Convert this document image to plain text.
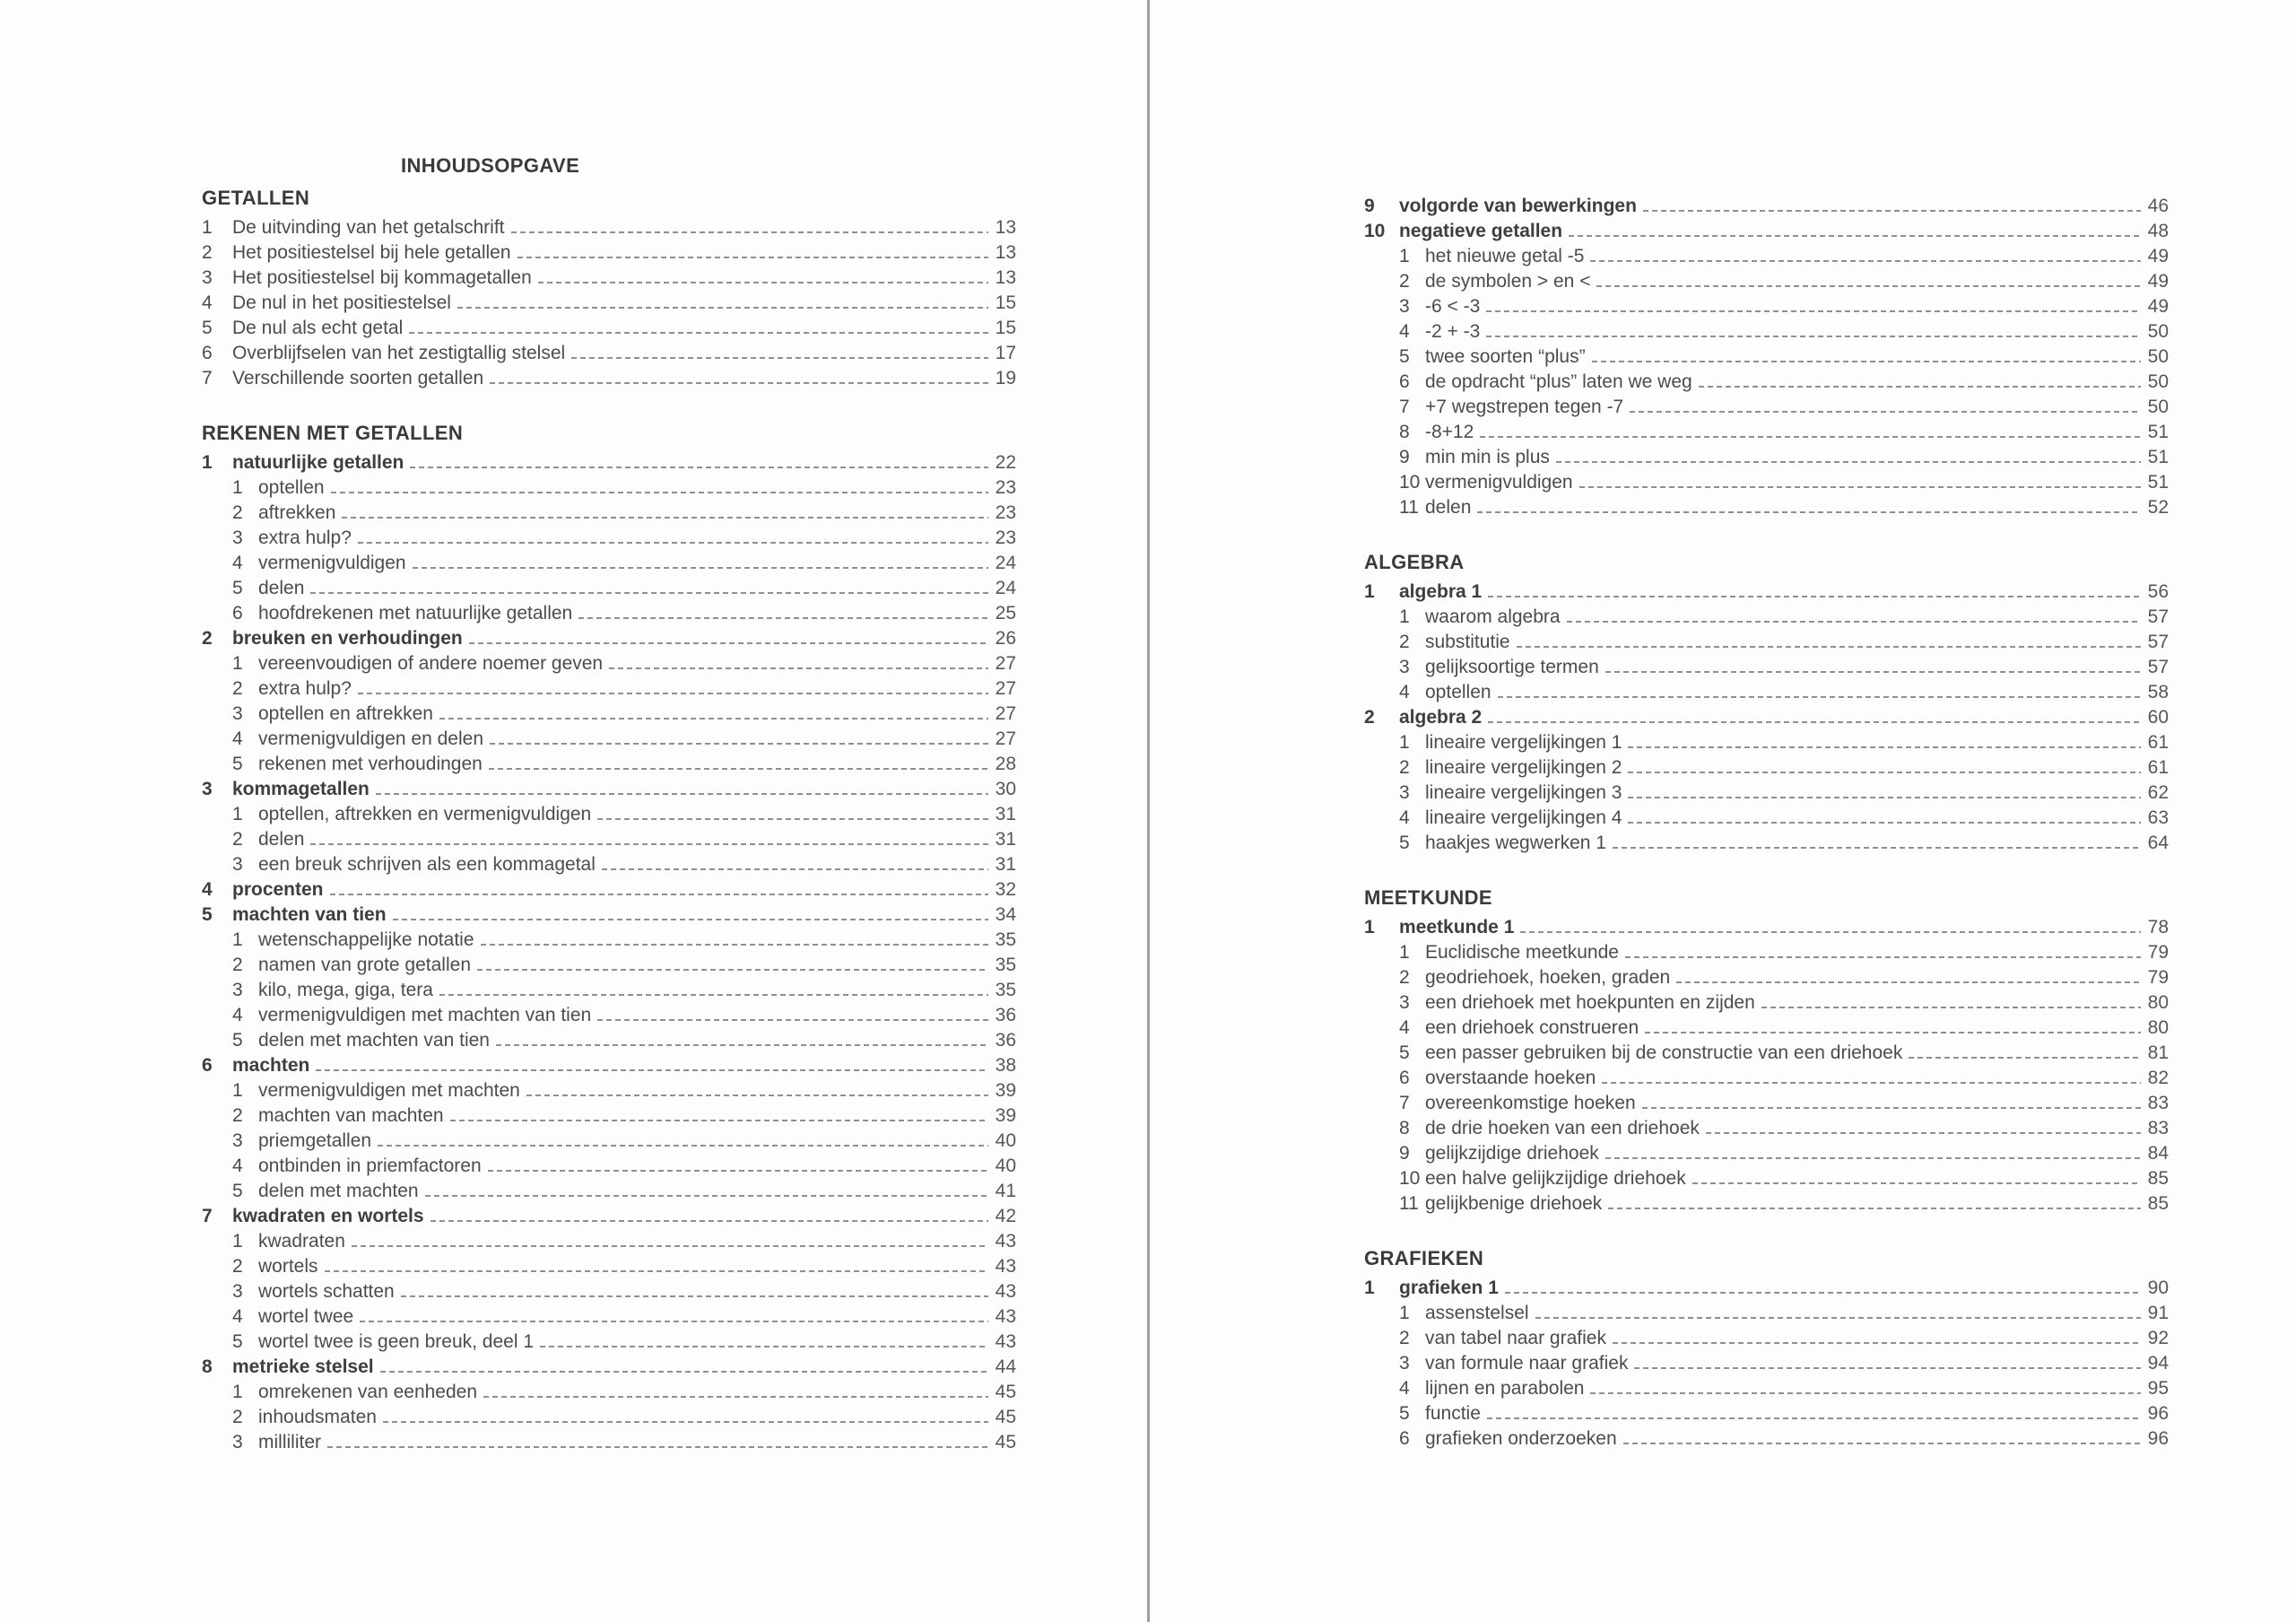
INHOUDSOPGAVE
GETALLEN
1	De uitvinding van het getalschrift	13
2	Het positiestelsel bij hele getallen	13
3	Het positiestelsel bij kommagetallen	13
4	De nul in het positiestelsel	15
5	De nul als echt getal	15
6	Overblijfselen van het zestigtallig stelsel	17
7	Verschillende soorten getallen	19
REKENEN MET GETALLEN
1	natuurlijke getallen	22
1 optellen	23
2 aftrekken	23
3 extra hulp?	23
4 vermenigvuldigen	24
5 delen	24
6 hoofdrekenen met natuurlijke getallen	25
2	breuken en verhoudingen	26
1 vereenvoudigen of andere noemer geven	27
2 extra hulp?	27
3 optellen en aftrekken	27
4 vermenigvuldigen en delen	27
5 rekenen met verhoudingen	28
3	kommagetallen	30
1 optellen, aftrekken en vermenigvuldigen	31
2 delen	31
3 een breuk schrijven als een kommagetal	31
4	procenten	32
5	machten van tien	34
1 wetenschappelijke notatie	35
2 namen van grote getallen	35
3 kilo, mega, giga, tera	35
4 vermenigvuldigen met machten van tien	36
5 delen met machten van tien	36
6	machten	38
1 vermenigvuldigen met machten	39
2 machten van machten	39
3 priemgetallen	40
4 ontbinden in priemfactoren	40
5 delen met machten	41
7	kwadraten en wortels	42
1 kwadraten	43
2 wortels	43
3 wortels schatten	43
4 wortel twee	43
5 wortel twee is geen breuk, deel 1	43
8	metrieke stelsel	44
1 omrekenen van eenheden	45
2 inhoudsmaten	45
3 milliliter	45
9	volgorde van bewerkingen	46
10 negatieve getallen	48
1 het nieuwe getal -5	49
2 de symbolen > en <	49
3 -6 < -3	49
4 -2 + -3	50
5 twee soorten “plus”	50
6 de opdracht “plus” laten we weg	50
7 +7 wegstrepen tegen -7	50
8 -8+12	51
9 min min is plus	51
10 vermenigvuldigen	51
11 delen	52
ALGEBRA
1	algebra 1	56
1 waarom algebra	57
2 substitutie	57
3 gelijksoortige termen	57
4 optellen	58
2	algebra 2	60
1 lineaire vergelijkingen 1	61
2 lineaire vergelijkingen 2	61
3 lineaire vergelijkingen 3	62
4 lineaire vergelijkingen 4	63
5 haakjes wegwerken 1	64
MEETKUNDE
1	meetkunde 1	78
1 Euclidische meetkunde	79
2 geodriehoek, hoeken, graden	79
3 een driehoek met hoekpunten en zijden	80
4 een driehoek construeren	80
5 een passer gebruiken bij de constructie van een driehoek	81
6 overstaande hoeken	82
7 overeenkomstige hoeken	83
8 de drie hoeken van een driehoek	83
9 gelijkzijdige driehoek	84
10 een halve gelijkzijdige driehoek	85
11 gelijkbenige driehoek	85
GRAFIEKEN
1	grafieken 1	90
1 assenstelsel	91
2 van tabel naar grafiek	92
3 van formule naar grafiek	94
4 lijnen en parabolen	95
5 functie	96
6 grafieken onderzoeken	96
